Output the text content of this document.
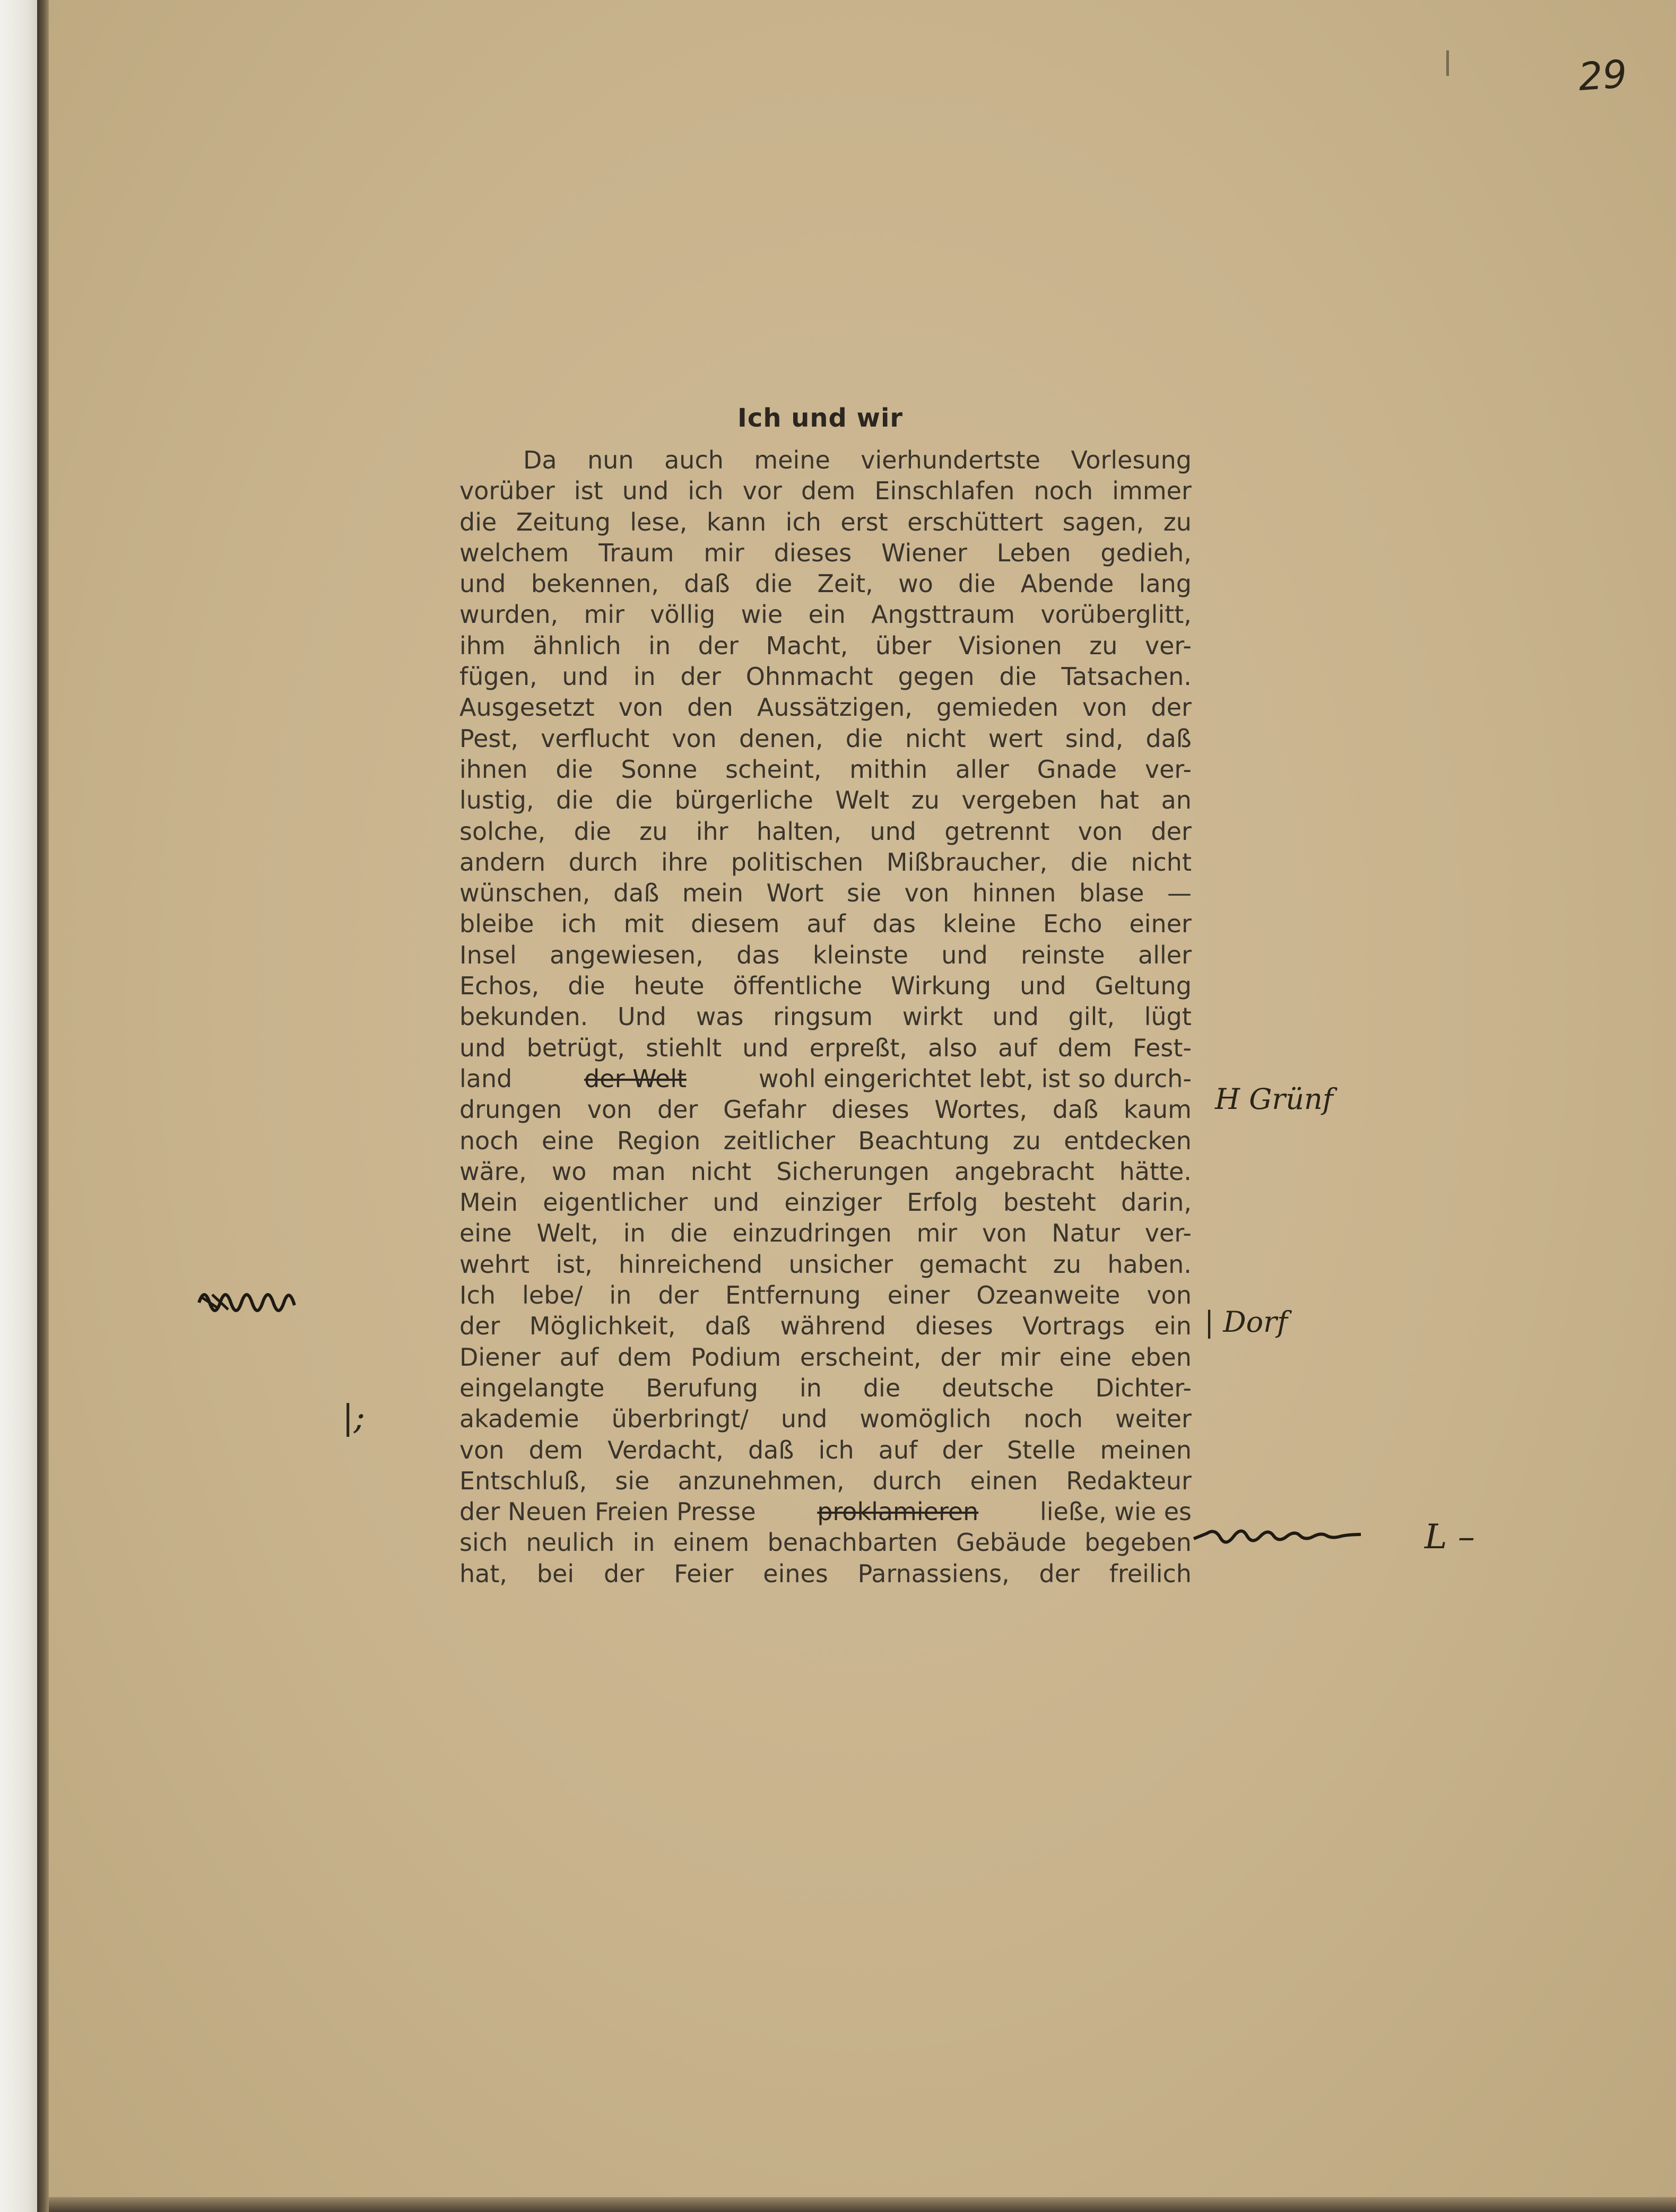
29
Ich und wir
Da nun auch meine vierhundertste Vorlesung
vorüber ist und ich vor dem Einschlafen noch immer
die Zeitung lese, kann ich erst erschüttert sagen, zu
welchem Traum mir dieses Wiener Leben gedieh,
und bekennen, daß die Zeit, wo die Abende lang
wurden, mir völlig wie ein Angsttraum vorüberglitt,
ihm ähnlich in der Macht, über Visionen zu ver-
fügen, und in der Ohnmacht gegen die Tatsachen.
Ausgesetzt von den Aussätzigen, gemieden von der
Pest, verflucht von denen, die nicht wert sind, daß
ihnen die Sonne scheint, mithin aller Gnade ver-
lustig, die die bürgerliche Welt zu vergeben hat an
solche, die zu ihr halten, und getrennt von der
andern durch ihre politischen Mißbraucher, die nicht
wünschen, daß mein Wort sie von hinnen blase —
bleibe ich mit diesem auf das kleine Echo einer
Insel angewiesen, das kleinste und reinste aller
Echos, die heute öffentliche Wirkung und Geltung
bekunden. Und was ringsum wirkt und gilt, lügt
und betrügt, stiehlt und erpreßt, also auf dem Fest-
land	der Welt	wohl eingerichtet lebt, ist so durch-
drungen von der Gefahr dieses Wortes, daß kaum
noch eine Region zeitlicher Beachtung zu entdecken
wäre, wo man nicht Sicherungen angebracht hätte.
Mein eigentlicher und einziger Erfolg besteht darin,
eine Welt, in die einzudringen mir von Natur ver-
wehrt ist, hinreichend unsicher gemacht zu haben.
Ich lebe/ in der Entfernung einer Ozeanweite von
der Möglichkeit, daß während dieses Vortrags ein
Diener auf dem Podium erscheint, der mir eine eben
eingelangte Berufung in die deutsche Dichter-
akademie überbringt/ und womöglich noch weiter
von dem Verdacht, daß ich auf der Stelle meinen
Entschluß, sie anzunehmen, durch einen Redakteur
der Neuen Freien Presse	proklamieren	ließe, wie es
sich neulich in einem benachbarten Gebäude begeben
hat, bei der Feier eines Parnassiens, der freilich
H Grünf
| Dorf
|;
L –
